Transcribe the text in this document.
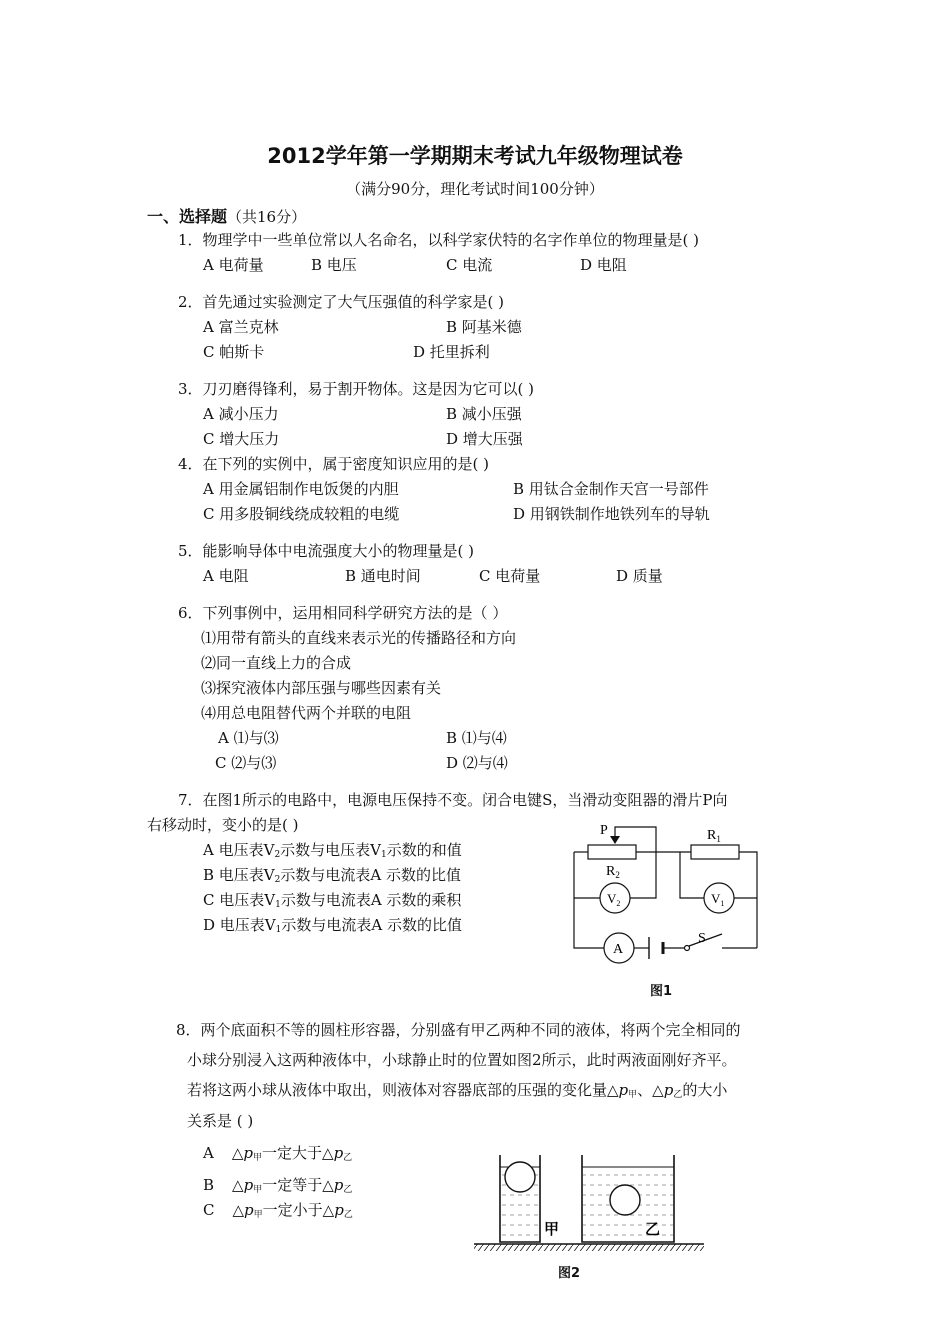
2012学年第一学期期末考试九年级物理试卷
（满分90分，理化考试时间100分钟）
一、选择题（共16分）
1．物理学中一些单位常以人名命名，以科学家伏特的名字作单位的物理量是( )
A 电荷量	B 电压	C 电流	D 电阻
2．首先通过实验测定了大气压强值的科学家是( )
A 富兰克林	B 阿基米德
C 帕斯卡	D 托里拆利
3．刀刃磨得锋利，易于割开物体。这是因为它可以( )
A 减小压力	B 减小压强
C 增大压力	D 增大压强
4．在下列的实例中，属于密度知识应用的是( )
A 用金属铝制作电饭煲的内胆	B 用钛合金制作天宫一号部件
C 用多股铜线绕成较粗的电缆	D 用钢铁制作地铁列车的导轨
5．能影响导体中电流强度大小的物理量是( )
A 电阻	B 通电时间	C 电荷量	D 质量
6．下列事例中，运用相同科学研究方法的是（ ）
⑴用带有箭头的直线来表示光的传播路径和方向
⑵同一直线上力的合成
⑶探究液体内部压强与哪些因素有关
⑷用总电阻替代两个并联的电阻
A ⑴与⑶	B ⑴与⑷
C ⑵与⑶	D ⑵与⑷
7．在图1所示的电路中，电源电压保持不变。闭合电键S，当滑动变阻器的滑片P向
右移动时，变小的是( )
A 电压表$V_2$示数与电压表$V_1$示数的和值
B 电压表$V_2$示数与电流表A 示数的比值
C 电压表$V_1$示数与电流表A 示数的乘积
D 电压表$V_1$示数与电流表A 示数的比值
P
$R_2$
$R_1$
$V_2$	$V_1$
A
S
图1
8．两个底面积不等的圆柱形容器，分别盛有甲乙两种不同的液体，将两个完全相同的
小球分别浸入这两种液体中，小球静止时的位置如图2所示，此时两液面刚好齐平。
若将这两小球从液体中取出，则液体对容器底部的压强的变化量$\triangle p_甲$、$\triangle p_乙$的大小
关系是 ( )
A $\triangle p_甲$一定大于$\triangle p_乙$
B $\triangle p_甲$一定等于$\triangle p_乙$
C $\triangle p_甲$一定小于$\triangle p_乙$
甲	乙
图2
